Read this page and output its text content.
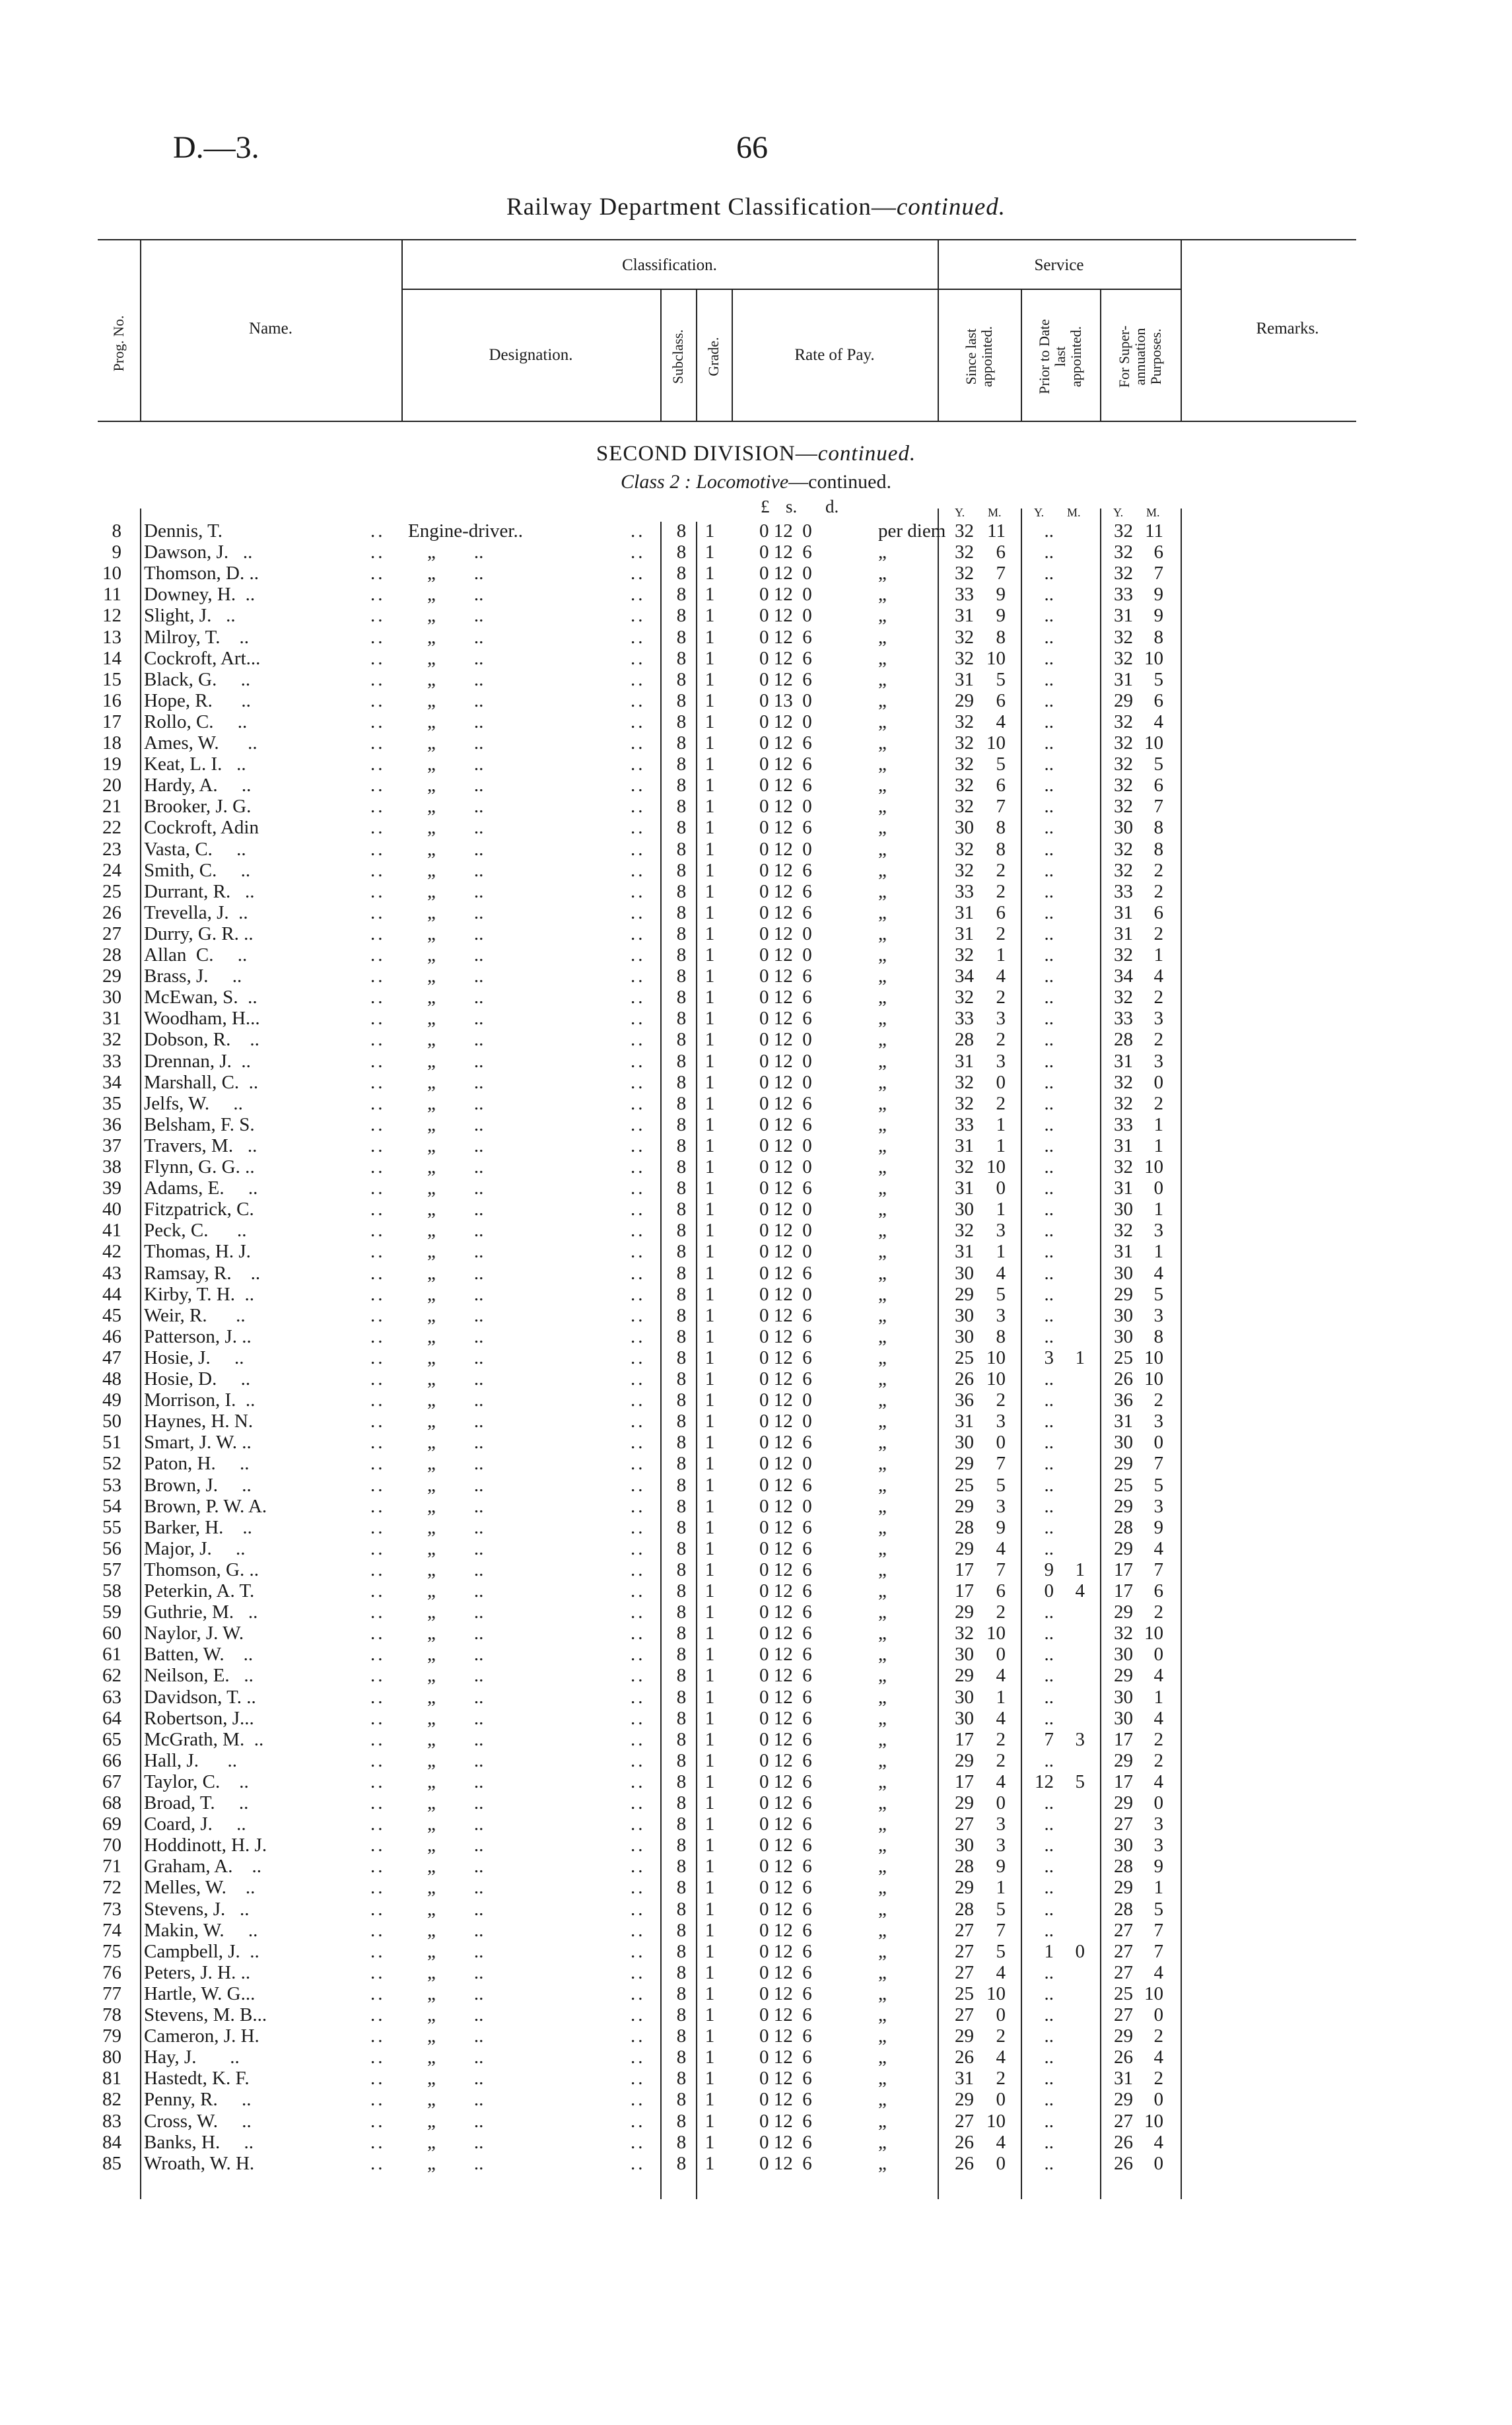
D.—3.	66
Railway Department Classification—continued.
Prog. No.	Name.
Classification.
Designation.	Subclass. Grade.	Rate of Pay.
Service
Since last
appointed.	Prior to Date
last
appointed. For Super-
annuation
Purposes.
Remarks.
SECOND DIVISION—continued.
Class 2 : Locomotive—continued.
£ s. d.	Y. M.	Y. M.	Y. M.
8 Dennis, T.	.. Engine-driver..	..	8 1 0 12  0	per diem 32 11	..	32 11
9 Dawson, J.   ..	.. „        ..	..	8 1 0 12  6	„	32	6	..	32	6
10 Thomson, D. ..	.. „        ..	..	8 1 0 12  0	„	32	7	..	32	7
11 Downey, H.  ..	.. „        ..	..	8 1 0 12  0	„	33	9	..	33	9
12 Slight, J.   ..	.. „        ..	..	8 1 0 12  0	„	31	9	..	31	9
13 Milroy, T.    ..	.. „        ..	..	8 1 0 12  6	„	32	8	..	32	8
14 Cockroft, Art...	.. „        ..	..	8 1 0 12  6	„	32 10	..	32 10
15 Black, G.     ..	.. „        ..	..	8 1 0 12  6	„	31	5	..	31	5
16 Hope, R.      ..	.. „        ..	..	8 1 0 13  0	„	29	6	..	29	6
17 Rollo, C.     ..	.. „        ..	..	8 1 0 12  0	„	32	4	..	32	4
18 Ames, W.      ..	.. „        ..	..	8 1 0 12  6	„	32 10	..	32 10
19 Keat, L. I.   ..	.. „        ..	..	8 1 0 12  6	„	32	5	..	32	5
20 Hardy, A.     ..	.. „        ..	..	8 1 0 12  6	„	32	6	..	32	6
21 Brooker, J. G.	.. „        ..	..	8 1 0 12  0	„	32	7	..	32	7
22 Cockroft, Adin	.. „        ..	..	8 1 0 12  6	„	30	8	..	30	8
23 Vasta, C.     ..	.. „        ..	..	8 1 0 12  0	„	32	8	..	32	8
24 Smith, C.     ..	.. „        ..	..	8 1 0 12  6	„	32	2	..	32	2
25 Durrant, R.   ..	.. „        ..	..	8 1 0 12  6	„	33	2	..	33	2
26 Trevella, J.  ..	.. „        ..	..	8 1 0 12  6	„	31	6	..	31	6
27 Durry, G. R. ..	.. „        ..	..	8 1 0 12  0	„	31	2	..	31	2
28 Allan  C.     ..	.. „        ..	..	8 1 0 12  0	„	32	1	..	32	1
29 Brass, J.     ..	.. „        ..	..	8 1 0 12  6	„	34	4	..	34	4
30 McEwan, S.  ..	.. „        ..	..	8 1 0 12  6	„	32	2	..	32	2
31 Woodham, H...	.. „        ..	..	8 1 0 12  6	„	33	3	..	33	3
32 Dobson, R.    ..	.. „        ..	..	8 1 0 12  0	„	28	2	..	28	2
33 Drennan, J.  ..	.. „        ..	..	8 1 0 12  0	„	31	3	..	31	3
34 Marshall, C.  ..	.. „        ..	..	8 1 0 12  0	„	32	0	..	32	0
35 Jelfs, W.     ..	.. „        ..	..	8 1 0 12  6	„	32	2	..	32	2
36 Belsham, F. S.	.. „        ..	..	8 1 0 12  6	„	33	1	..	33	1
37 Travers, M.   ..	.. „        ..	..	8 1 0 12  0	„	31	1	..	31	1
38 Flynn, G. G. ..	.. „        ..	..	8 1 0 12  0	„	32 10	..	32 10
39 Adams, E.     ..	.. „        ..	..	8 1 0 12  6	„	31	0	..	31	0
40 Fitzpatrick, C.	.. „        ..	..	8 1 0 12  0	„	30	1	..	30	1
41 Peck, C.      ..	.. „        ..	..	8 1 0 12  0	„	32	3	..	32	3
42 Thomas, H. J.	.. „        ..	..	8 1 0 12  0	„	31	1	..	31	1
43 Ramsay, R.    ..	.. „        ..	..	8 1 0 12  6	„	30	4	..	30	4
44 Kirby, T. H.  ..	.. „        ..	..	8 1 0 12  0	„	29	5	..	29	5
45 Weir, R.      ..	.. „        ..	..	8 1 0 12  6	„	30	3	..	30	3
46 Patterson, J. ..	.. „        ..	..	8 1 0 12  6	„	30	8	..	30	8
47 Hosie, J.     ..	.. „        ..	..	8 1 0 12  6	„	25 10	3	1	25 10
48 Hosie, D.     ..	.. „        ..	..	8 1 0 12  6	„	26 10	..	26 10
49 Morrison, I.  ..	.. „        ..	..	8 1 0 12  0	„	36	2	..	36	2
50 Haynes, H. N.	.. „        ..	..	8 1 0 12  0	„	31	3	..	31	3
51 Smart, J. W. ..	.. „        ..	..	8 1 0 12  6	„	30	0	..	30	0
52 Paton, H.     ..	.. „        ..	..	8 1 0 12  0	„	29	7	..	29	7
53 Brown, J.     ..	.. „        ..	..	8 1 0 12  6	„	25	5	..	25	5
54 Brown, P. W. A.	.. „        ..	..	8 1 0 12  0	„	29	3	..	29	3
55 Barker, H.    ..	.. „        ..	..	8 1 0 12  6	„	28	9	..	28	9
56 Major, J.     ..	.. „        ..	..	8 1 0 12  6	„	29	4	..	29	4
57 Thomson, G. ..	.. „        ..	..	8 1 0 12  6	„	17	7	9	1	17	7
58 Peterkin, A. T.	.. „        ..	..	8 1 0 12  6	„	17	6	0	4	17	6
59 Guthrie, M.   ..	.. „        ..	..	8 1 0 12  6	„	29	2	..	29	2
60 Naylor, J. W.	.. „        ..	..	8 1 0 12  6	„	32 10	..	32 10
61 Batten, W.    ..	.. „        ..	..	8 1 0 12  6	„	30	0	..	30	0
62 Neilson, E.   ..	.. „        ..	..	8 1 0 12  6	„	29	4	..	29	4
63 Davidson, T. ..	.. „        ..	..	8 1 0 12  6	„	30	1	..	30	1
64 Robertson, J...	.. „        ..	..	8 1 0 12  6	„	30	4	..	30	4
65 McGrath, M.  ..	.. „        ..	..	8 1 0 12  6	„	17	2	7	3	17	2
66 Hall, J.      ..	.. „        ..	..	8 1 0 12  6	„	29	2	..	29	2
67 Taylor, C.    ..	.. „        ..	..	8 1 0 12  6	„	17	4	12	5	17	4
68 Broad, T.     ..	.. „        ..	..	8 1 0 12  6	„	29	0	..	29	0
69 Coard, J.     ..	.. „        ..	..	8 1 0 12  6	„	27	3	..	27	3
70 Hoddinott, H. J.	.. „        ..	..	8 1 0 12  6	„	30	3	..	30	3
71 Graham, A.    ..	.. „        ..	..	8 1 0 12  6	„	28	9	..	28	9
72 Melles, W.    ..	.. „        ..	..	8 1 0 12  6	„	29	1	..	29	1
73 Stevens, J.   ..	.. „        ..	..	8 1 0 12  6	„	28	5	..	28	5
74 Makin, W.     ..	.. „        ..	..	8 1 0 12  6	„	27	7	..	27	7
75 Campbell, J.  ..	.. „        ..	..	8 1 0 12  6	„	27	5	1	0	27	7
76 Peters, J. H. ..	.. „        ..	..	8 1 0 12  6	„	27	4	..	27	4
77 Hartle, W. G...	.. „        ..	..	8 1 0 12  6	„	25 10	..	25 10
78 Stevens, M. B...	.. „        ..	..	8 1 0 12  6	„	27	0	..	27	0
79 Cameron, J. H.	.. „        ..	..	8 1 0 12  6	„	29	2	..	29	2
80 Hay, J.       ..	.. „        ..	..	8 1 0 12  6	„	26	4	..	26	4
81 Hastedt, K. F.	.. „        ..	..	8 1 0 12  6	„	31	2	..	31	2
82 Penny, R.     ..	.. „        ..	..	8 1 0 12  6	„	29	0	..	29	0
83 Cross, W.     ..	.. „        ..	..	8 1 0 12  6	„	27 10	..	27 10
84 Banks, H.     ..	.. „        ..	..	8 1 0 12  6	„	26	4	..	26	4
85 Wroath, W. H.	.. „        ..	..	8 1 0 12  6	„	26	0	..	26	0
